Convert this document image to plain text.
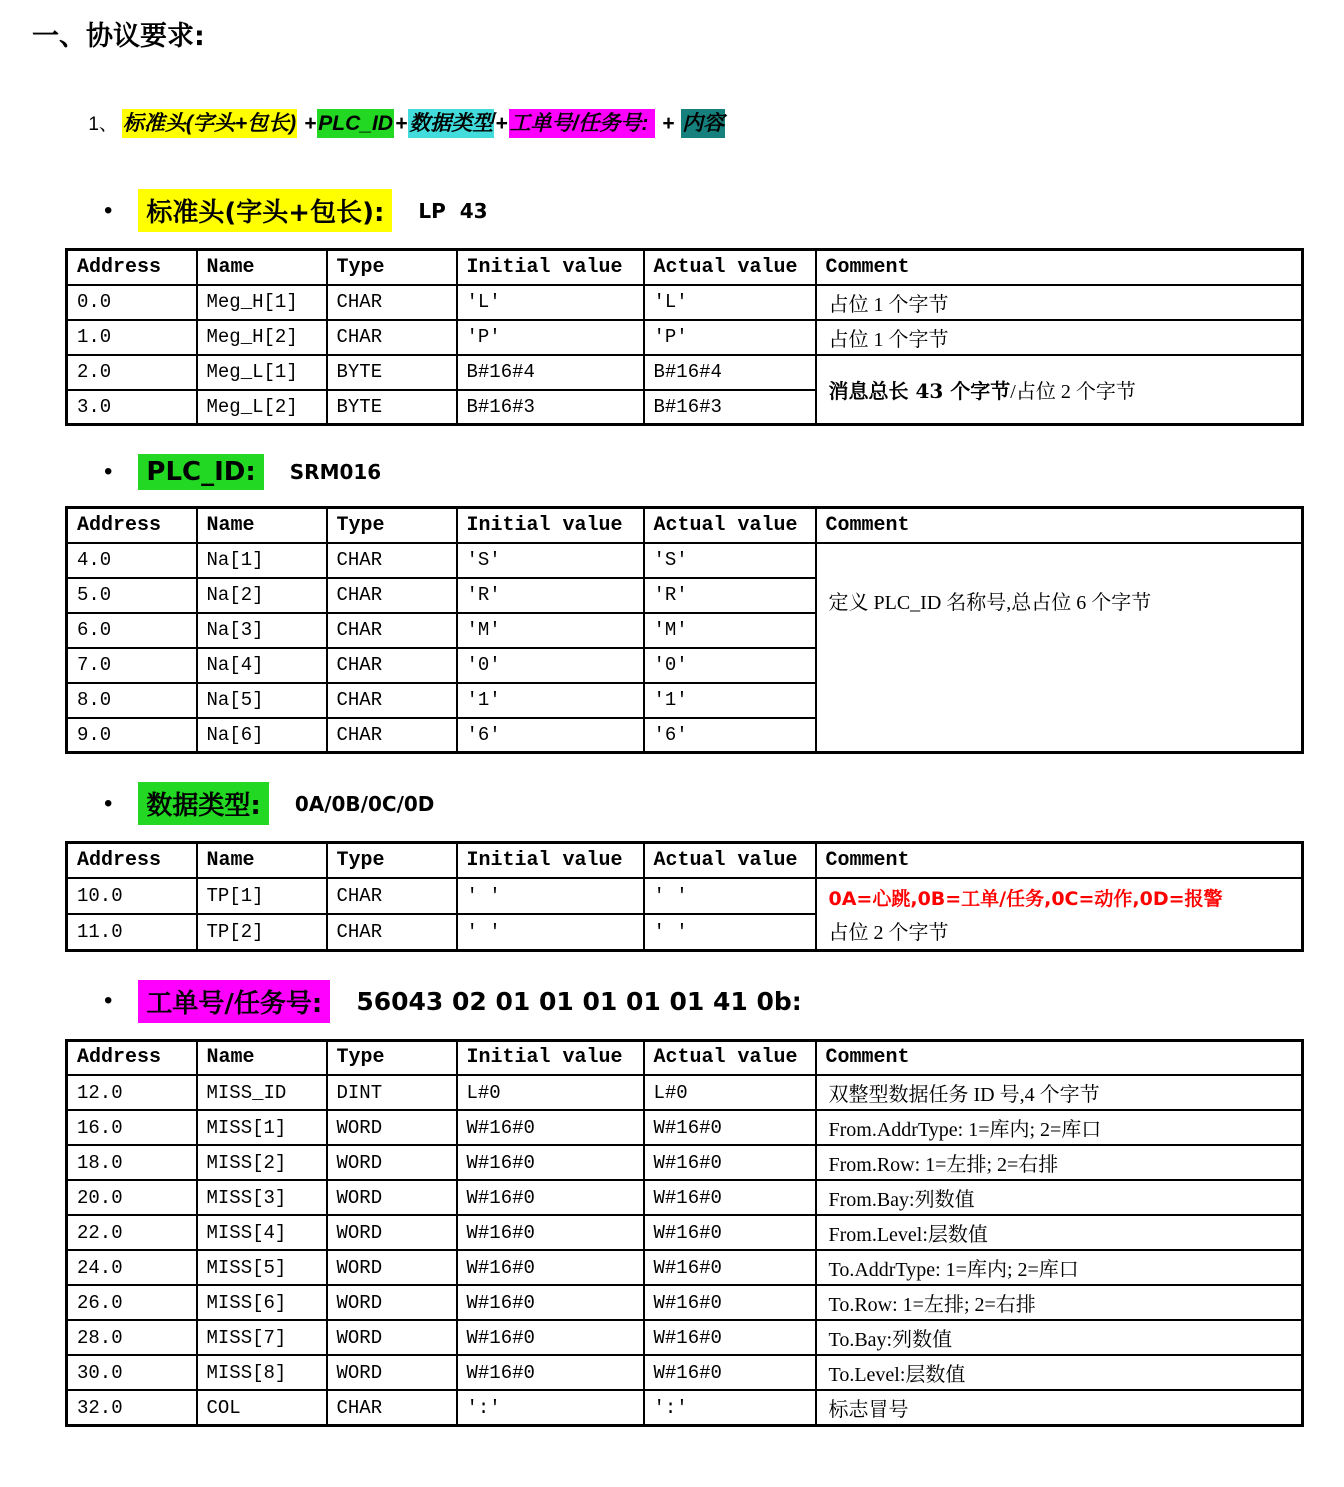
一、协议要求:

1、 标准头(字头+包长) +PLC_ID+数据类型+工单号/任务号:  + 内容

•	标准头(字头+包长):	LP  43
Address	Name	Type	Initial value	Actual value	Comment
0.0	Meg_H[1]	CHAR	'L'	'L'	占位 1 个字节
1.0	Meg_H[2]	CHAR	'P'	'P'	占位 1 个字节
2.0	Meg_L[1]	BYTE	B#16#4	B#16#4	消息总长 43 个字节/占位 2 个字节
3.0	Meg_L[2]	BYTE	B#16#3	B#16#3	
•	PLC_ID:	SRM016
Address	Name	Type	Initial value	Actual value	Comment
4.0	Na[1]	CHAR	'S'	'S'	定义 PLC_ID 名称号,总占位 6 个字节
5.0	Na[2]	CHAR	'R'	'R'	
6.0	Na[3]	CHAR	'M'	'M'	
7.0	Na[4]	CHAR	'0'	'0'	
8.0	Na[5]	CHAR	'1'	'1'	
9.0	Na[6]	CHAR	'6'	'6'	
•	数据类型:	0A/0B/0C/0D
Address	Name	Type	Initial value	Actual value	Comment
10.0	TP[1]	CHAR	' '	' '	0A=心跳,0B=工单/任务,0C=动作,0D=报警
占位 2 个字节

11.0	TP[2]	CHAR	' '	' '	
•	工单号/任务号:	56043 02 01 01 01 01 01 41 0b:
Address	Name	Type	Initial value	Actual value	Comment
12.0	MISS_ID	DINT	L#0	L#0	双整型数据任务 ID 号,4 个字节
16.0	MISS[1]	WORD	W#16#0	W#16#0	From.AddrType: 1=库内; 2=库口
18.0	MISS[2]	WORD	W#16#0	W#16#0	From.Row: 1=左排; 2=右排
20.0	MISS[3]	WORD	W#16#0	W#16#0	From.Bay:列数值
22.0	MISS[4]	WORD	W#16#0	W#16#0	From.Level:层数值
24.0	MISS[5]	WORD	W#16#0	W#16#0	To.AddrType: 1=库内; 2=库口
26.0	MISS[6]	WORD	W#16#0	W#16#0	To.Row: 1=左排; 2=右排
28.0	MISS[7]	WORD	W#16#0	W#16#0	To.Bay:列数值
30.0	MISS[8]	WORD	W#16#0	W#16#0	To.Level:层数值
32.0	COL	CHAR	':'	':'	标志冒号
